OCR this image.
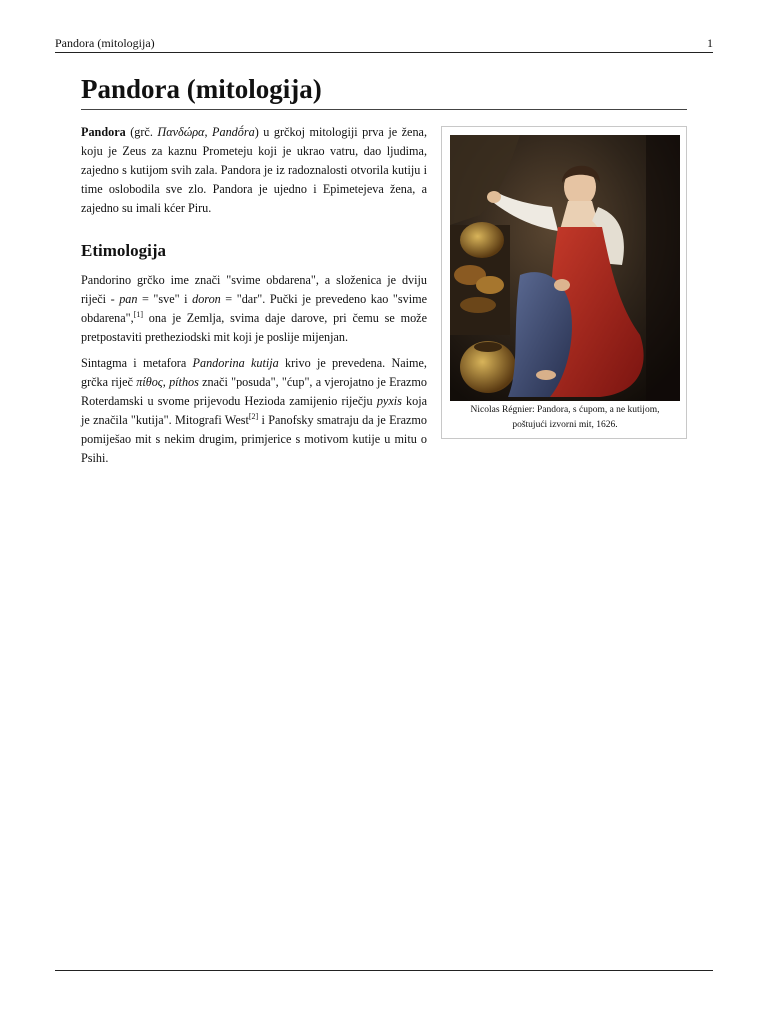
Pandora (mitologija)	1
Pandora (mitologija)

Pandora (grč. Πανδώρα, Pandṓra) u grčkoj mitologiji prva je žena, koju je Zeus za kaznu Prometeju koji je ukrao vatru, dao ljudima, zajedno s kutijom svih zala. Pandora je iz radoznalosti otvorila kutiju i time oslobodila sve zlo. Pandora je ujedno i Epimetejeva žena, a zajedno su imali kćer Piru.

Etimologija

Pandorino grčko ime znači "svime obdarena", a složenica je dviju riječi - pan = "sve" i doron = "dar". Pučki je prevedeno kao "svime obdarena",[1] ona je Zemlja, svima daje darove, pri čemu se može pretpostaviti pretheziodski mit koji je poslije mijenjan.

Sintagma i metafora Pandorina kutija krivo je prevedena. Naime, grčka riječ πίθος, píthos znači "posuda", "ćup", a vjerojatno je Erazmo Roterdamski u svome prijevodu Hezioda zamijenio riječju pyxis koja je značila "kutija". Mitografi West[2] i Panofsky smatraju da je Erazmo pomiješao mit s nekim drugim, primjerice s motivom kutije u mitu o Psihi.

Nicolas Régnier: Pandora, s ćupom, a ne kutijom,
poštujući izvorni mit, 1626.
